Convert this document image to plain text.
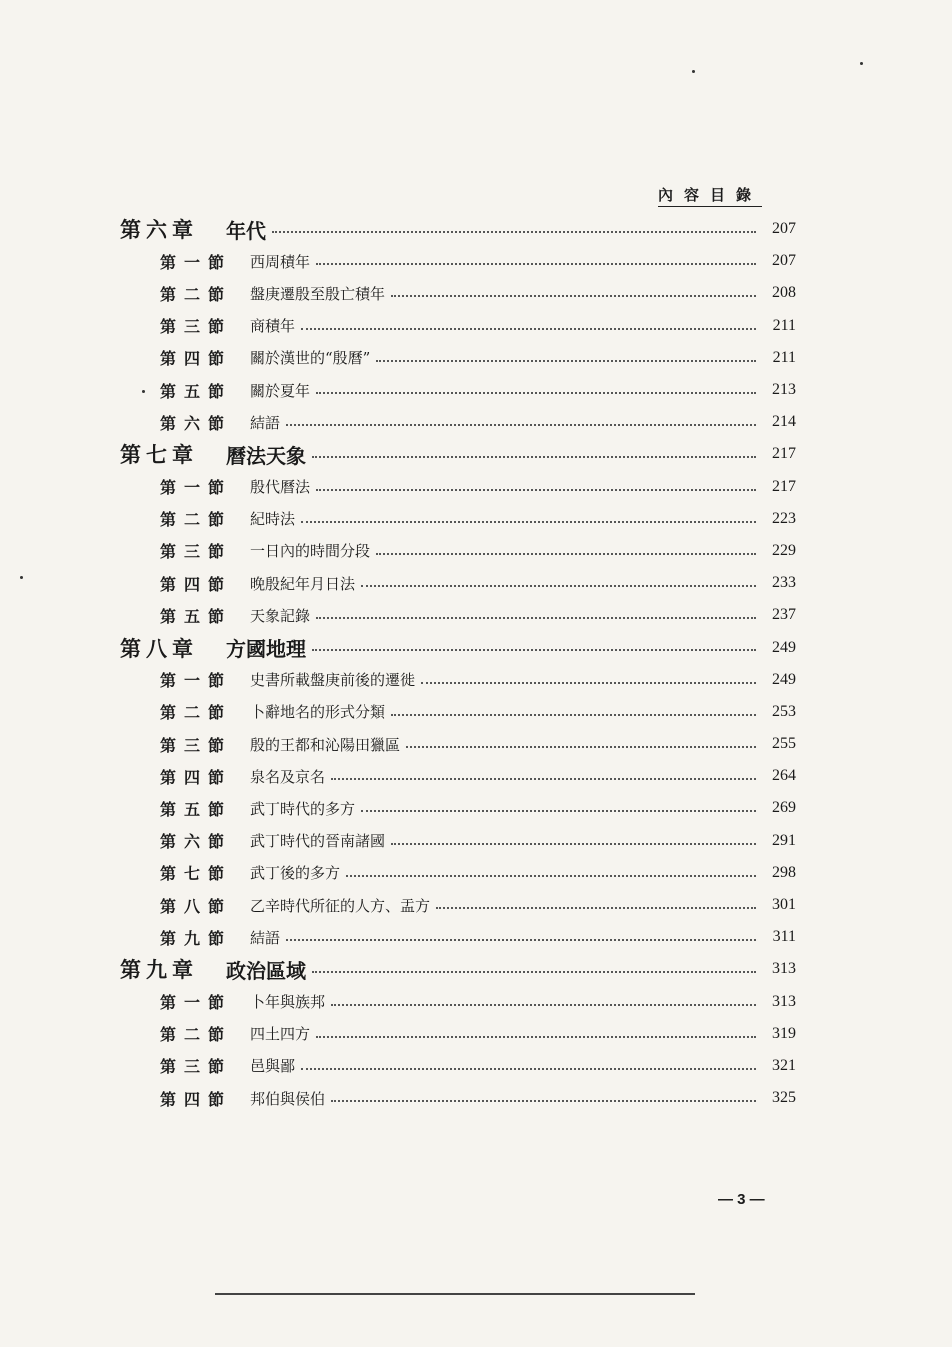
內容目錄
第六章 年代	207
第一節 西周積年	207
第二節 盤庚遷殷至殷亡積年	208
第三節 商積年	211
第四節 關於漢世的“殷曆”	211
第五節 關於夏年	213
第六節 結語	214
第七章 曆法天象	217
第一節 殷代曆法	217
第二節 紀時法	223
第三節 一日內的時間分段	229
第四節 晚殷紀年月日法	233
第五節 天象記錄	237
第八章 方國地理	249
第一節 史書所載盤庚前後的遷徙	249
第二節 卜辭地名的形式分類	253
第三節 殷的王都和沁陽田獵區	255
第四節 泉名及京名	264
第五節 武丁時代的多方	269
第六節 武丁時代的晉南諸國	291
第七節 武丁後的多方	298
第八節 乙辛時代所征的人方、盂方	301
第九節 結語	311
第九章 政治區域	313
第一節 卜年與族邦	313
第二節 四土四方	319
第三節 邑與鄙	321
第四節 邦伯與侯伯	325
— 3 —
